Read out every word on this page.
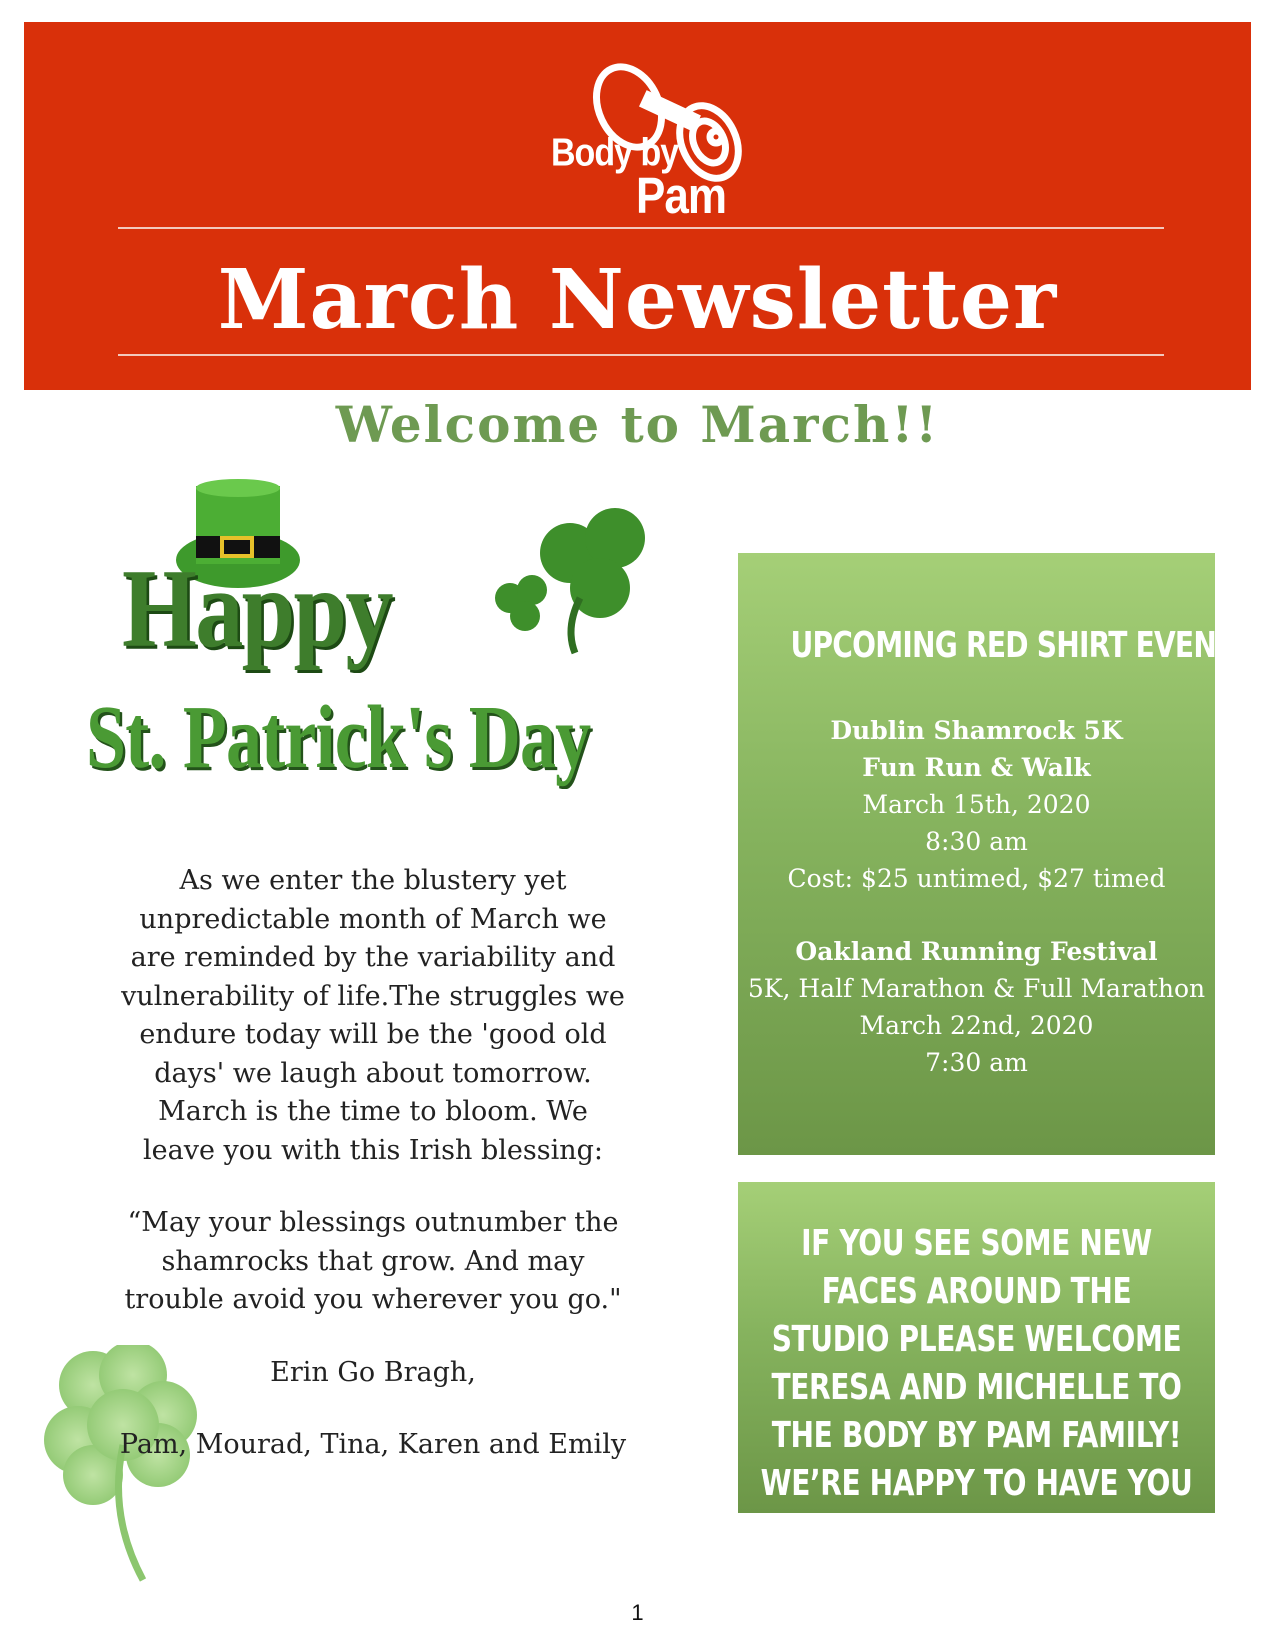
Body by
Pam
March Newsletter
Welcome to March!!
Happy
St. Patrick's Day

As we enter the blustery yet unpredictable month of March we are reminded by the variability and vulnerability of life.The struggles we endure today will be the 'good old days' we laugh about tomorrow. March is the time to bloom. We leave you with this Irish blessing:

“May your blessings outnumber the shamrocks that grow. And may trouble avoid you wherever you go."

Erin Go Bragh,

Pam, Mourad, Tina, Karen and Emily

UPCOMING RED SHIRT EVENTS!
Dublin Shamrock 5K
Fun Run & Walk
March 15th, 2020
8:30 am
Cost: $25 untimed, $27 timed
Oakland Running Festival
5K, Half Marathon & Full Marathon
March 22nd, 2020
7:30 am
IF YOU SEE SOME NEW FACES AROUND THE STUDIO PLEASE WELCOME TERESA AND MICHELLE TO THE BODY BY PAM FAMILY! WE’RE HAPPY TO HAVE YOU HERE!
1
